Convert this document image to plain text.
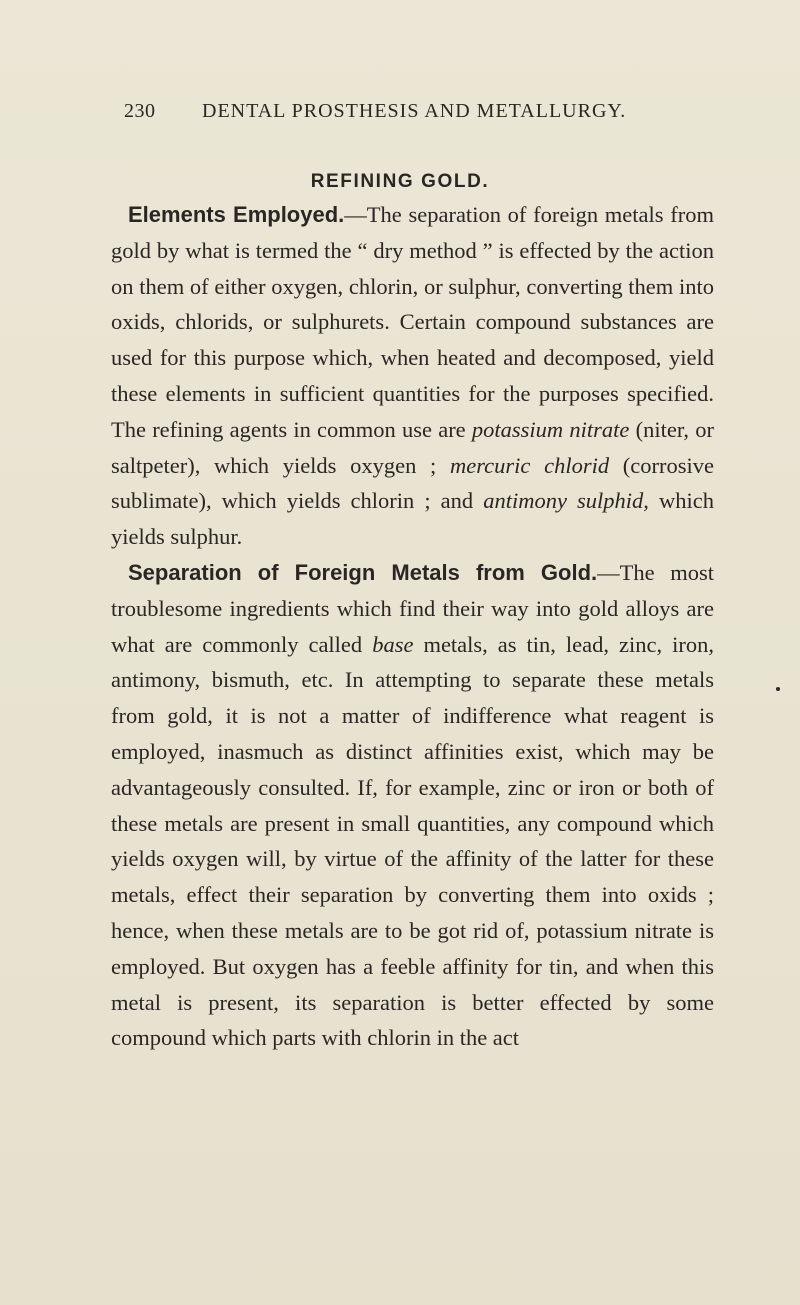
230 DENTAL PROSTHESIS AND METALLURGY.
REFINING GOLD.

Elements Employed.—The separation of foreign metals from gold by what is termed the “ dry method ” is effected by the action on them of either oxygen, chlorin, or sulphur, converting them into oxids, chlorids, or sulphurets. Certain compound substances are used for this purpose which, when heated and decomposed, yield these elements in sufficient quantities for the purposes specified. The refining agents in common use are potassium nitrate (niter, or saltpeter), which yields oxygen ; mercuric chlorid (corrosive sublimate), which yields chlorin ; and antimony sulphid, which yields sulphur.

Separation of Foreign Metals from Gold.—The most troublesome ingredients which find their way into gold alloys are what are commonly called base metals, as tin, lead, zinc, iron, antimony, bismuth, etc. In attempting to separate these metals from gold, it is not a matter of indifference what reagent is employed, inasmuch as distinct affinities exist, which may be advantageously consulted. If, for example, zinc or iron or both of these metals are present in small quantities, any compound which yields oxygen will, by virtue of the affinity of the latter for these metals, effect their separation by converting them into oxids ; hence, when these metals are to be got rid of, potassium nitrate is employed. But oxygen has a feeble affinity for tin, and when this metal is present, its separation is better effected by some compound which parts with chlorin in the act
